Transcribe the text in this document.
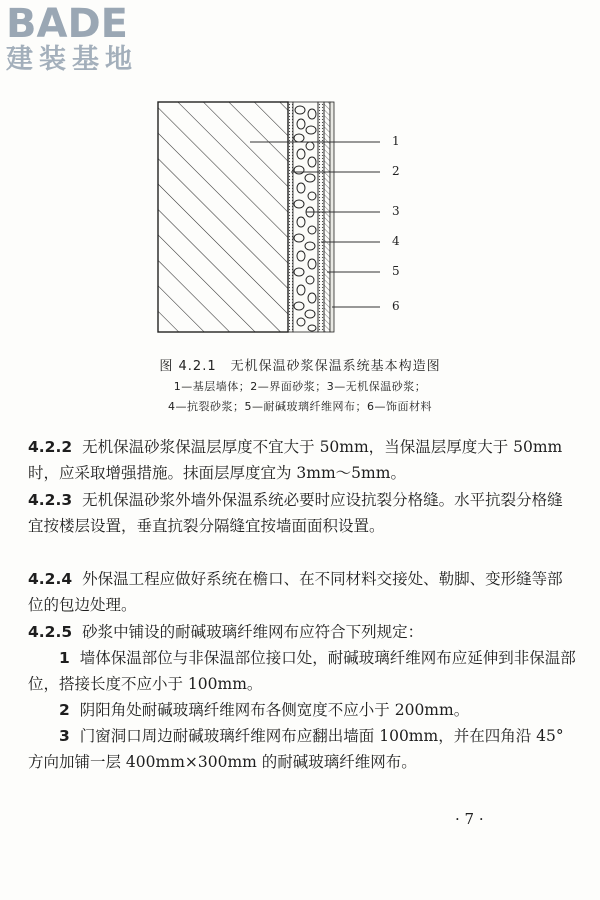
BADE
建装基地
1
2
3
4
5
6
图 4.2.1　无机保温砂浆保温系统基本构造图
1—基层墙体；2—界面砂浆；3—无机保温砂浆；
4—抗裂砂浆；5—耐碱玻璃纤维网布；6—饰面材料
4.2.2 无机保温砂浆保温层厚度不宜大于 50mm，当保温层厚度大于 50mm 时，应采取增强措施。抹面层厚度宜为 3mm～5mm。
4.2.3 无机保温砂浆外墙外保温系统必要时应设抗裂分格缝。水平抗裂分格缝宜按楼层设置，垂直抗裂分隔缝宜按墙面面积设置。
4.2.4 外保温工程应做好系统在檐口、在不同材料交接处、勒脚、变形缝等部位的包边处理。
4.2.5 砂浆中铺设的耐碱玻璃纤维网布应符合下列规定：
1 墙体保温部位与非保温部位接口处，耐碱玻璃纤维网布应延伸到非保温部位，搭接长度不应小于 100mm。
2 阴阳角处耐碱玻璃纤维网布各侧宽度不应小于 200mm。
3 门窗洞口周边耐碱玻璃纤维网布应翻出墙面 100mm，并在四角沿 45°方向加铺一层 400mm×300mm 的耐碱玻璃纤维网布。
· 7 ·
